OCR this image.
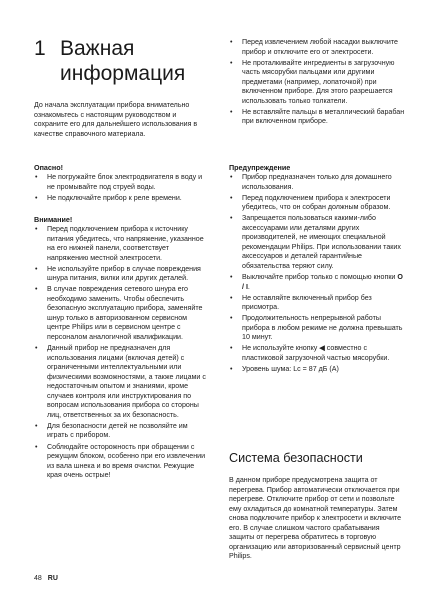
1 Важная
информация
До начала эксплуатации прибора внимательно ознакомьтесь с настоящим руководством и сохраните его для дальнейшего использования в качестве справочного материала.
Опасно!
• Не погружайте блок электродвигателя в воду и не промывайте под струей воды.
• Не подключайте прибор к реле времени.
Внимание!
• Перед подключением прибора к источнику питания убедитесь, что напряжение, указанное на его нижней панели, соответствует напряжению местной электросети.
• Не используйте прибор в случае повреждения шнура питания, вилки или других деталей.
• В случае повреждения сетевого шнура его необходимо заменить. Чтобы обеспечить безопасную эксплуатацию прибора, заменяйте шнур только в авторизованном сервисном центре Philips или в сервисном центре с персоналом аналогичной квалификации.
• Данный прибор не предназначен для использования лицами (включая детей) с ограниченными интеллектуальными или физическими возможностями, а также лицами с недостаточным опытом и знаниями, кроме случаев контроля или инструктирования по вопросам использования прибора со стороны лиц, ответственных за их безопасность.
• Для безопасности детей не позволяйте им играть с прибором.
• Соблюдайте осторожность при обращении с режущим блоком, особенно при его извлечении из вала шнека и во время очистки. Режущие края очень острые!
• Перед извлечением любой насадки выключите прибор и отключите его от электросети.
• Не проталкивайте ингредиенты в загрузочную часть мясорубки пальцами или другими предметами (например, лопаточкой) при включенном приборе. Для этого разрешается использовать только толкатели.
• Не вставляйте пальцы в металлический барабан при включенном приборе.
Предупреждение
• Прибор предназначен только для домашнего использования.
• Перед подключением прибора к электросети убедитесь, что он собран должным образом.
• Запрещается пользоваться какими-либо аксессуарами или деталями других производителей, не имеющих специальной рекомендации Philips. При использовании таких аксессуаров и деталей гарантийные обязательства теряют силу.
• Выключайте прибор только с помощью кнопки O / I.
• Не оставляйте включенный прибор без присмотра.
• Продолжительность непрерывной работы прибора в любом режиме не должна превышать 10 минут.
• Не используйте кнопку ◀ совместно с пластиковой загрузочной частью мясорубки.
• Уровень шума: Lc = 87 дБ (A)
Система безопасности
В данном приборе предусмотрена защита от перегрева. Прибор автоматически отключается при перегреве. Отключите прибор от сети и позвольте ему охладиться до комнатной температуры. Затем снова подключите прибор к электросети и включите его. В случае слишком частого срабатывания защиты от перегрева обратитесь в торговую организацию или авторизованный сервисный центр Philips.
48 RU
